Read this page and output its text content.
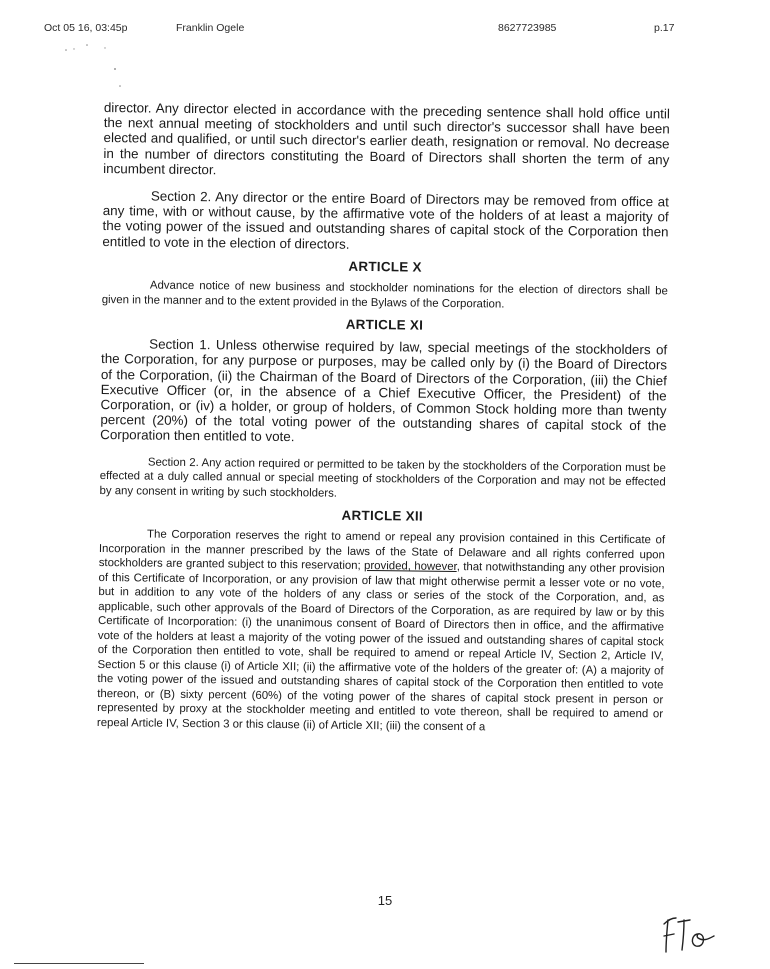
Oct 05 16, 03:45p	Franklin Ogele	8627723985	p.17

director. Any director elected in accordance with the preceding sentence shall hold office until the next annual meeting of stockholders and until such director's successor shall have been elected and qualified, or until such director's earlier death, resignation or removal. No decrease in the number of directors constituting the Board of Directors shall shorten the term of any incumbent director.

Section 2. Any director or the entire Board of Directors may be removed from office at any time, with or without cause, by the affirmative vote of the holders of at least a majority of the voting power of the issued and outstanding shares of capital stock of the Corporation then entitled to vote in the election of directors.

ARTICLE X

Advance notice of new business and stockholder nominations for the election of directors shall be given in the manner and to the extent provided in the Bylaws of the Corporation.

ARTICLE XI

Section 1. Unless otherwise required by law, special meetings of the stockholders of the Corporation, for any purpose or purposes, may be called only by (i) the Board of Directors of the Corporation, (ii) the Chairman of the Board of Directors of the Corporation, (iii) the Chief Executive Officer (or, in the absence of a Chief Executive Officer, the President) of the Corporation, or (iv) a holder, or group of holders, of Common Stock holding more than twenty percent (20%) of the total voting power of the outstanding shares of capital stock of the Corporation then entitled to vote.

Section 2. Any action required or permitted to be taken by the stockholders of the Corporation must be effected at a duly called annual or special meeting of stockholders of the Corporation and may not be effected by any consent in writing by such stockholders.

ARTICLE XII

The Corporation reserves the right to amend or repeal any provision contained in this Certificate of Incorporation in the manner prescribed by the laws of the State of Delaware and all rights conferred upon stockholders are granted subject to this reservation; provided, however, that notwithstanding any other provision of this Certificate of Incorporation, or any provision of law that might otherwise permit a lesser vote or no vote, but in addition to any vote of the holders of any class or series of the stock of the Corporation, and, as applicable, such other approvals of the Board of Directors of the Corporation, as are required by law or by this Certificate of Incorporation: (i) the unanimous consent of Board of Directors then in office, and the affirmative vote of the holders at least a majority of the voting power of the issued and outstanding shares of capital stock of the Corporation then entitled to vote, shall be required to amend or repeal Article IV, Section 2, Article IV, Section 5 or this clause (i) of Article XII; (ii) the affirmative vote of the holders of the greater of: (A) a majority of the voting power of the issued and outstanding shares of capital stock of the Corporation then entitled to vote thereon, or (B) sixty percent (60%) of the voting power of the shares of capital stock present in person or represented by proxy at the stockholder meeting and entitled to vote thereon, shall be required to amend or repeal Article IV, Section 3 or this clause (ii) of Article XII; (iii) the consent of a

15
